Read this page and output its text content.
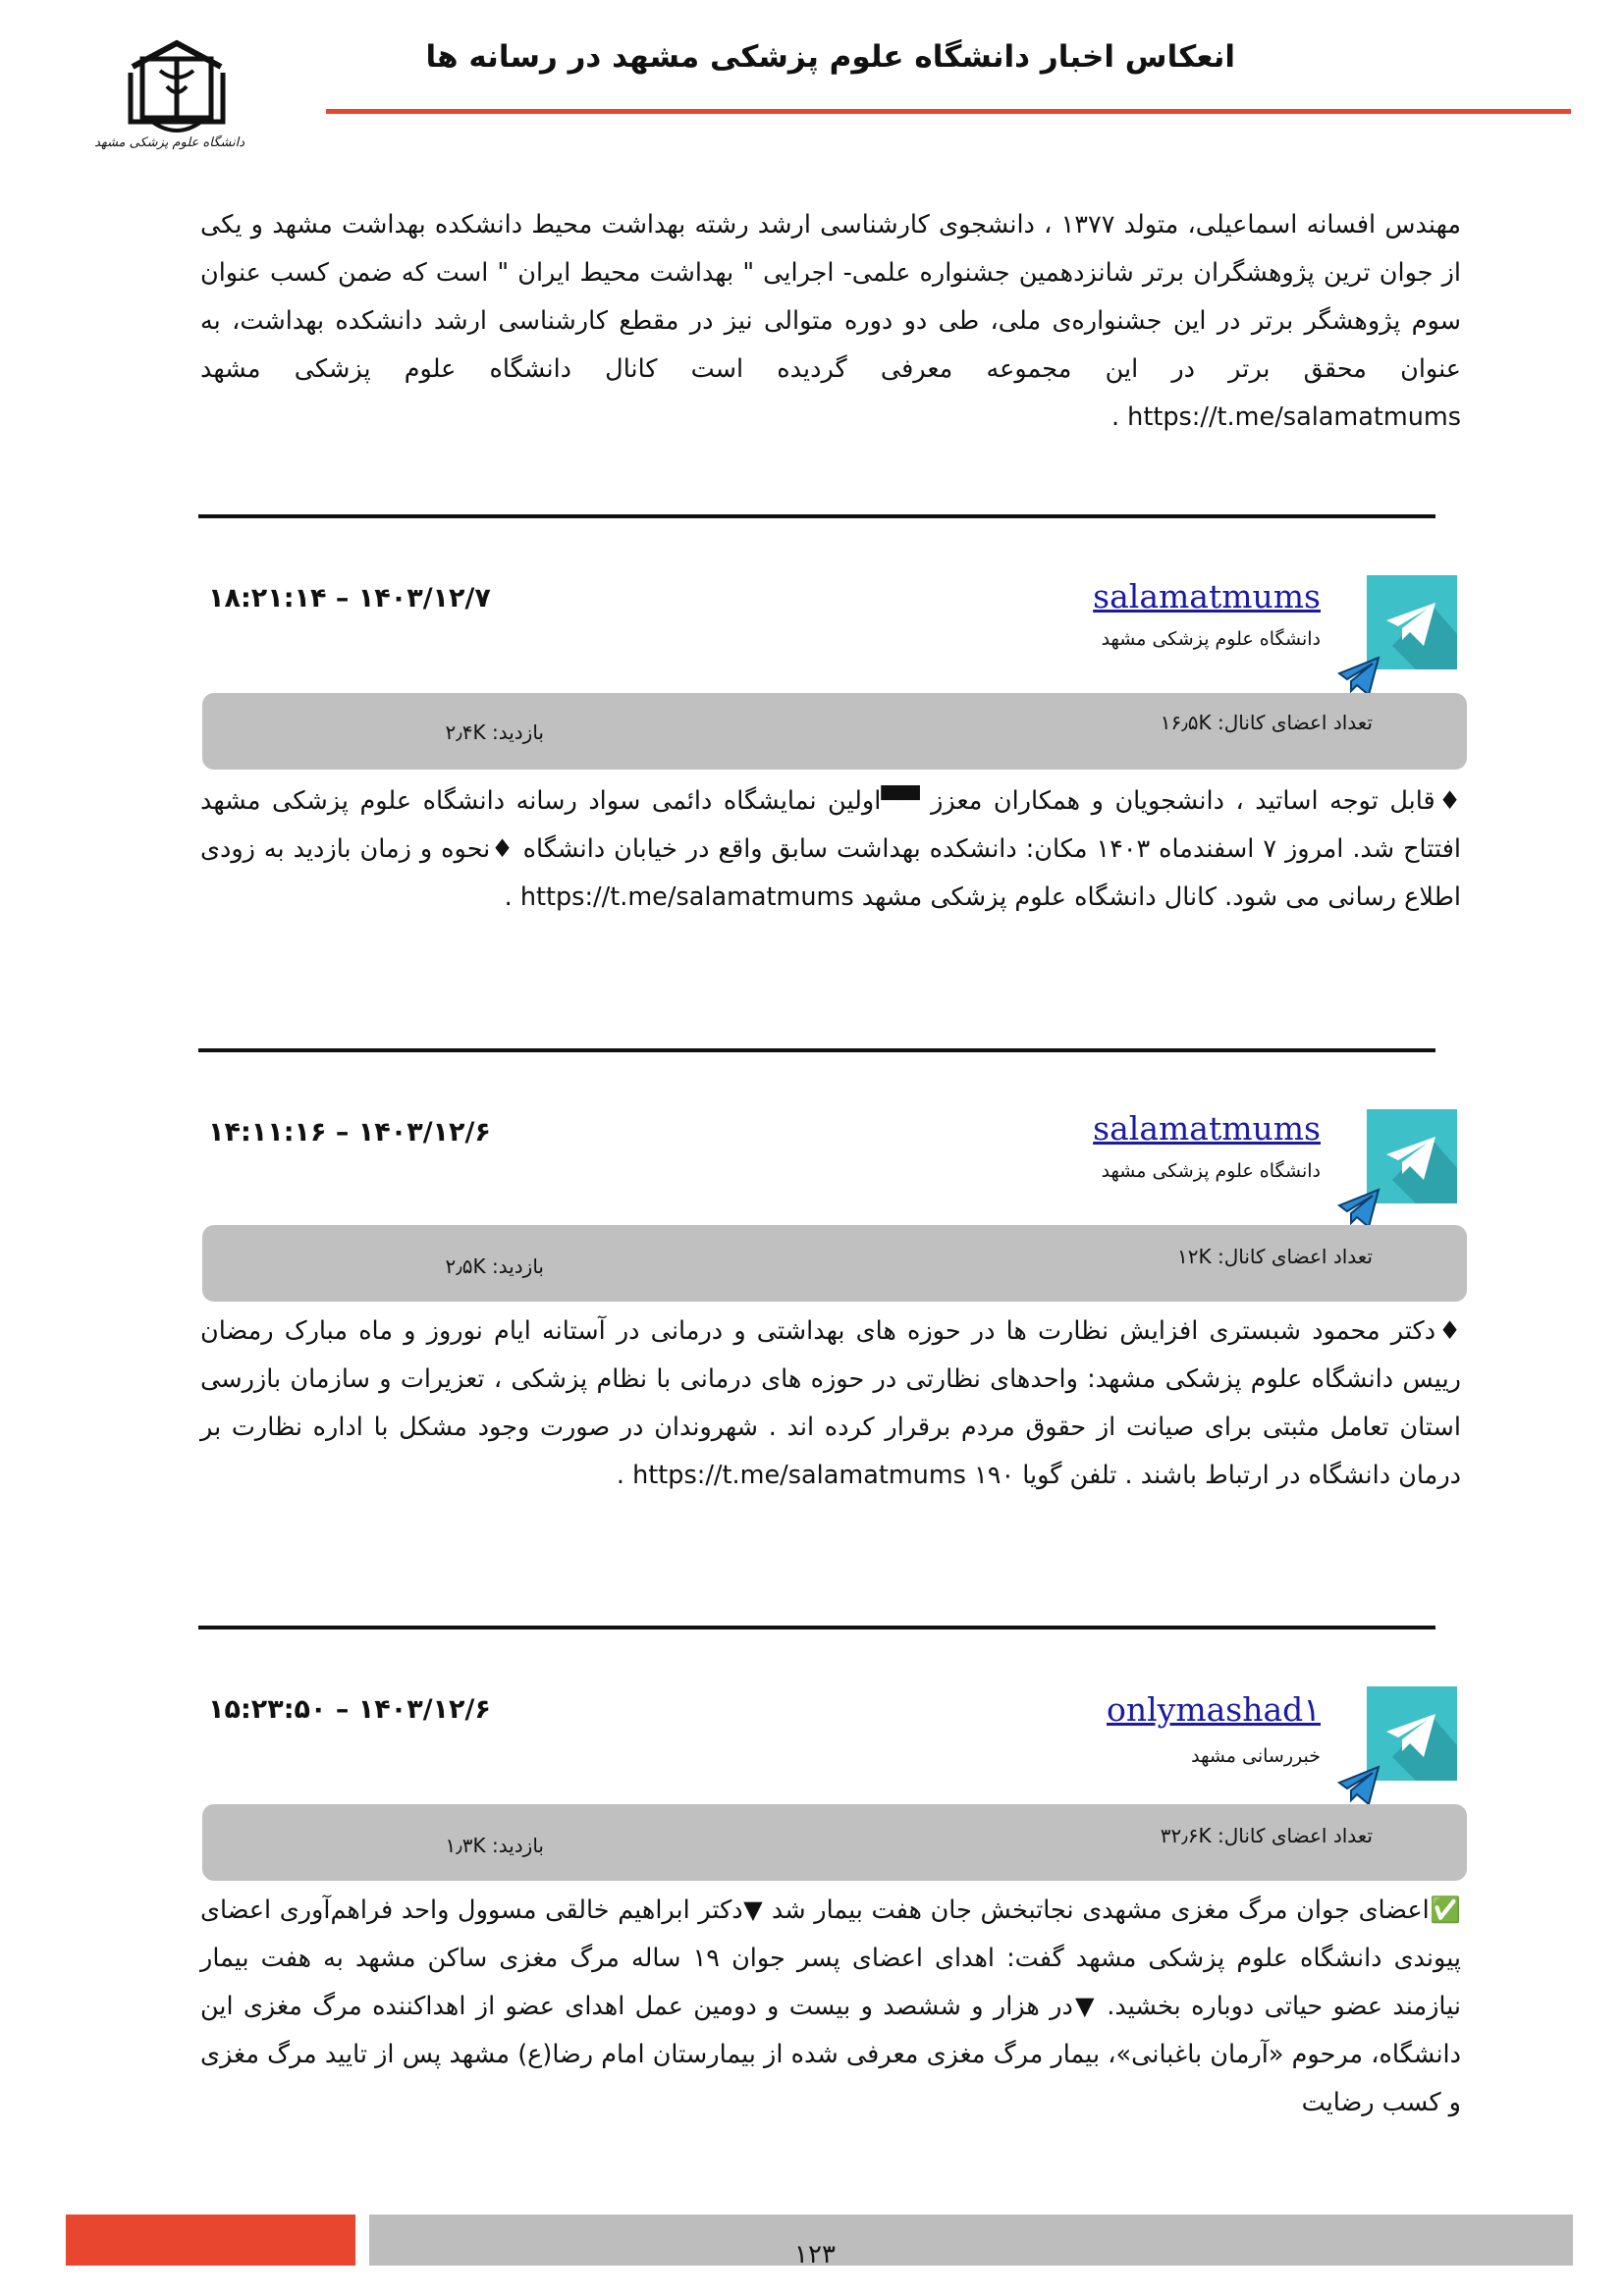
دانشگاه علوم پزشکی مشهد
انعکاس اخبار دانشگاه علوم پزشکی مشهد در رسانه ها
مهندس افسانه اسماعیلی، متولد ۱۳۷۷ ، دانشجوی کارشناسی ارشد رشته بهداشت محیط دانشکده بهداشت مشهد و یکی از جوان ترین پژوهشگران برتر شانزدهمین جشنواره علمی- اجرایی " بهداشت محیط ایران " است که ضمن کسب عنوان سوم پژوهشگر برتر در این جشنواره‌ی ملی، طی دو دوره متوالی نیز در مقطع کارشناسی ارشد دانشکده بهداشت، به عنوان محقق برتر در این مجموعه معرفی گردیده است کانال دانشگاه علوم پزشکی مشهد https://t.me/salamatmums .
salamatmums
دانشگاه علوم پزشکی مشهد
۱۸:۲۱:۱۴ – ۱۴۰۳/۱۲/۷
تعداد اعضای کانال: ۱۶٫۵K
بازدید: ۲٫۴K
♦قابل توجه اساتید ، دانشجویان و همکاران معزز ▀▀اولین نمایشگاه دائمی سواد رسانه دانشگاه علوم پزشکی مشهد افتتاح شد. امروز ۷ اسفندماه ۱۴۰۳ مکان: دانشکده بهداشت سابق واقع در خیابان دانشگاه ♦نحوه و زمان بازدید به زودی اطلاع رسانی می شود. کانال دانشگاه علوم پزشکی مشهد https://t.me/salamatmums .
salamatmums
دانشگاه علوم پزشکی مشهد
۱۴:۱۱:۱۶ – ۱۴۰۳/۱۲/۶
تعداد اعضای کانال: ۱۲K
بازدید: ۲٫۵K
♦دکتر محمود شبستری افزایش نظارت ها در حوزه های بهداشتی و درمانی در آستانه ایام نوروز و ماه مبارک رمضان رییس دانشگاه علوم پزشکی مشهد: واحدهای نظارتی در حوزه های درمانی با نظام پزشکی ، تعزیرات و سازمان بازرسی استان تعامل مثبتی برای صیانت از حقوق مردم برقرار کرده اند . شهروندان در صورت وجود مشکل با اداره نظارت بر درمان دانشگاه در ارتباط باشند . تلفن گویا ۱۹۰ https://t.me/salamatmums .
onlymashad۱
خبررسانی مشهد
۱۵:۲۳:۵۰ – ۱۴۰۳/۱۲/۶
تعداد اعضای کانال: ۳۲٫۶K
بازدید: ۱٫۳K
✅اعضای جوان مرگ مغزی مشهدی نجاتبخش جان هفت بیمار شد ▼دکتر ابراهیم خالقی مسوول واحد فراهم‌آوری اعضای پیوندی دانشگاه علوم پزشکی مشهد گفت: اهدای اعضای پسر جوان ۱۹ ساله مرگ مغزی ساکن مشهد به هفت بیمار نیازمند عضو حیاتی دوباره بخشید. ▼در هزار و ششصد و بیست و دومین عمل اهدای عضو از اهداکننده مرگ مغزی این دانشگاه، مرحوم «آرمان باغبانی»، بیمار مرگ مغزی معرفی شده از بیمارستان امام رضا(ع) مشهد پس از تایید مرگ مغزی و کسب رضایت
۱۲۳
